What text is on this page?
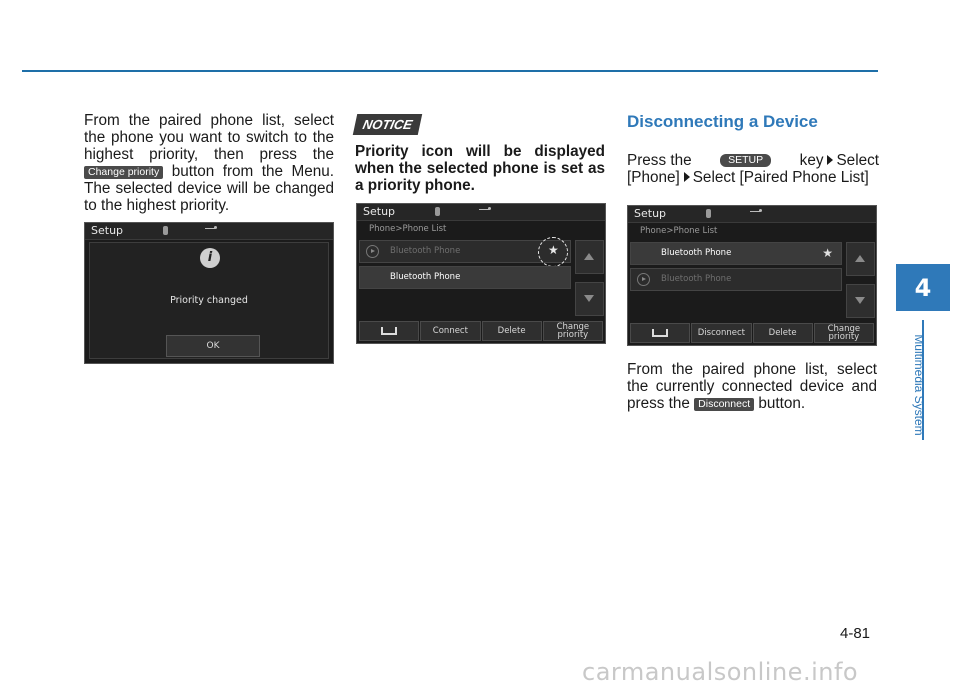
From the paired phone list, select the phone you want to switch to the highest priority, then press the Change priority button from the Menu. The selected device will be changed to the highest priority.
Setup
i
Priority changed
OK
NOTICE
Priority icon will be displayed when the selected phone is set as a priority phone.
Setup
Phone>Phone List
Bluetooth Phone	★
Bluetooth Phone
Connect	Delete	Change
priority
Disconnecting a Device
Press the	SETUP	key Select
[Phone] Select [Paired Phone List]
Setup
Phone>Phone List
Bluetooth Phone	★
Bluetooth Phone
Disconnect	Delete	Change
priority
From the paired phone list, select the currently connected device and press the Disconnect button.
4
Multimedia System
4-81
carmanualsonline.info
